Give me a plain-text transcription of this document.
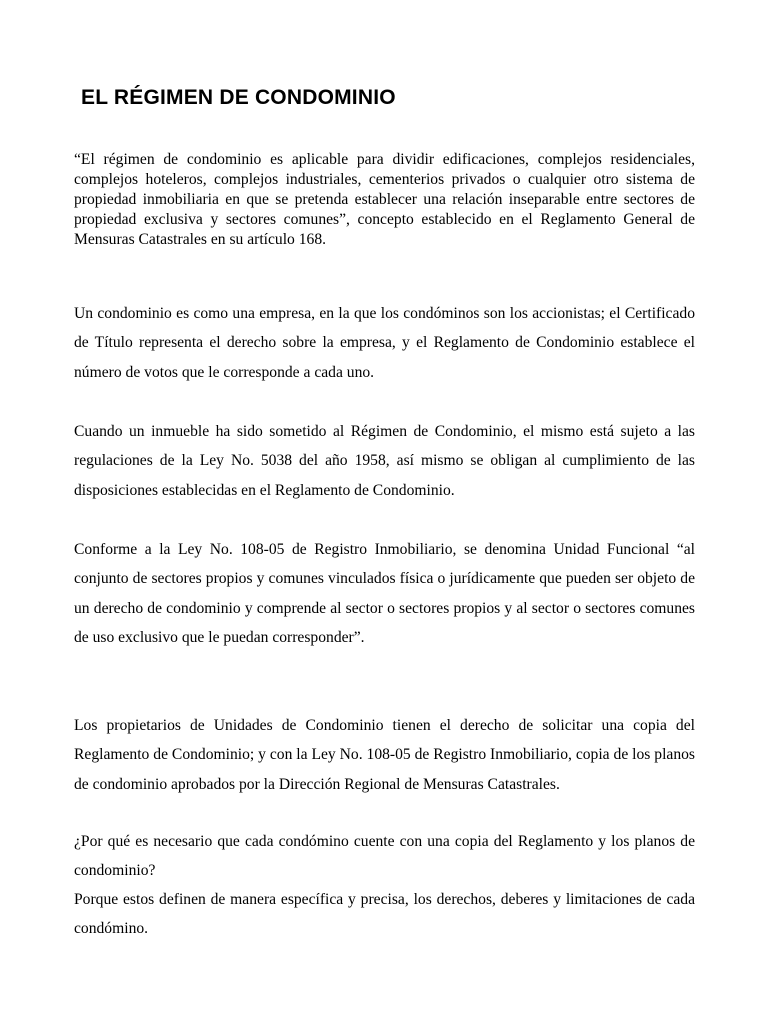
EL RÉGIMEN DE CONDOMINIO

“El régimen de condominio es aplicable para dividir edificaciones, complejos residenciales, complejos hoteleros, complejos industriales, cementerios privados o cualquier otro sistema de propiedad inmobiliaria en que se pretenda establecer una relación inseparable entre sectores de propiedad exclusiva y sectores comunes”, concepto establecido en el Reglamento General de Mensuras Catastrales en su artículo 168.

Un condominio es como una empresa, en la que los condóminos son los accionistas; el Certificado de Título representa el derecho sobre la empresa, y el Reglamento de Condominio establece el número de votos que le corresponde a cada uno.

Cuando un inmueble ha sido sometido al Régimen de Condominio, el mismo está sujeto a las regulaciones de la Ley No. 5038 del año 1958, así mismo se obligan al cumplimiento de las disposiciones establecidas en el Reglamento de Condominio.

Conforme a la Ley No. 108-05 de Registro Inmobiliario, se denomina Unidad Funcional “al conjunto de sectores propios y comunes vinculados física o jurídicamente que pueden ser objeto de un derecho de condominio y comprende al sector o sectores propios y al sector o sectores comunes de uso exclusivo que le puedan corresponder”.

Los propietarios de Unidades de Condominio tienen el derecho de solicitar una copia del Reglamento de Condominio; y con la Ley No. 108-05 de Registro Inmobiliario, copia de los planos de condominio aprobados por la Dirección Regional de Mensuras Catastrales.

¿Por qué es necesario que cada condómino cuente con una copia del Reglamento y los planos de condominio?

Porque estos definen de manera específica y precisa, los derechos, deberes y limitaciones de cada condómino.
